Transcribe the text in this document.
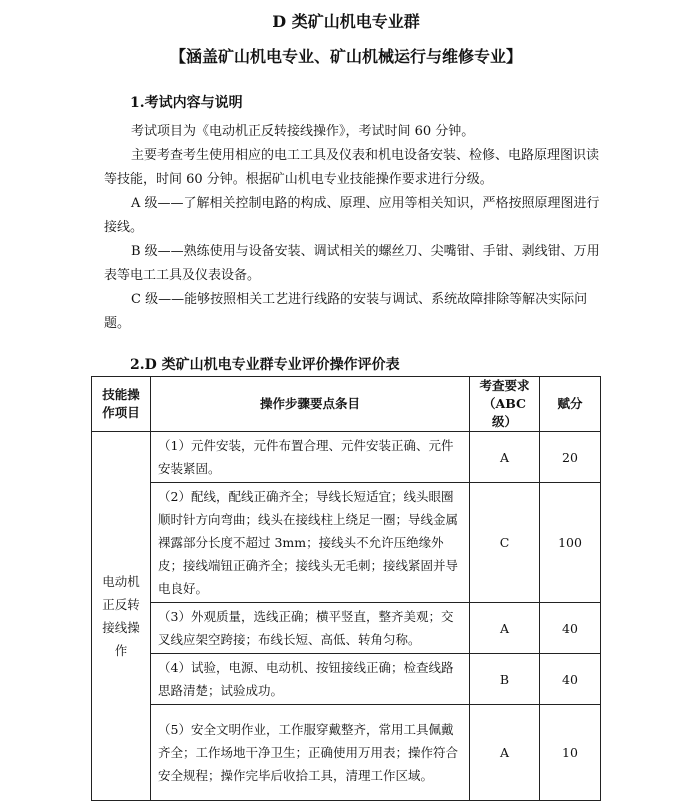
D 类矿山机电专业群
【涵盖矿山机电专业、矿山机械运行与维修专业】
1.考试内容与说明

考试项目为《电动机正反转接线操作》，考试时间 60 分钟。

主要考查考生使用相应的电工工具及仪表和机电设备安装、检修、电路原理图识读等技能，时间 60 分钟。根据矿山机电专业技能操作要求进行分级。

A 级——了解相关控制电路的构成、原理、应用等相关知识，严格按照原理图进行接线。

B 级——熟练使用与设备安装、调试相关的螺丝刀、尖嘴钳、手钳、剥线钳、万用表等电工工具及仪表设备。

C 级——能够按照相关工艺进行线路的安装与调试、系统故障排除等解决实际问题。

2.D 类矿山机电专业群专业评价操作评价表
技能操作项目	操作步骤要点条目	考查要求（ABC 级）	赋分
电动机正反转接线操作	（1）元件安装，元件布置合理、元件安装正确、元件安装紧固。	A	20
	（2）配线，配线正确齐全；导线长短适宜；线头眼圈顺时针方向弯曲；线头在接线柱上绕足一圈；导线金属裸露部分长度不超过 3mm；接线头不允许压绝缘外皮；接线端钮正确齐全；接线头无毛刺；接线紧固并导电良好。	C	100
	（3）外观质量，选线正确；横平竖直，整齐美观；交叉线应架空跨接；布线长短、高低、转角匀称。	A	40
	（4）试验，电源、电动机、按钮接线正确；检查线路思路清楚；试验成功。	B	40
	（5）安全文明作业，工作服穿戴整齐，常用工具佩戴齐全；工作场地干净卫生；正确使用万用表；操作符合安全规程；操作完毕后收拾工具，清理工作区域。	A	10
